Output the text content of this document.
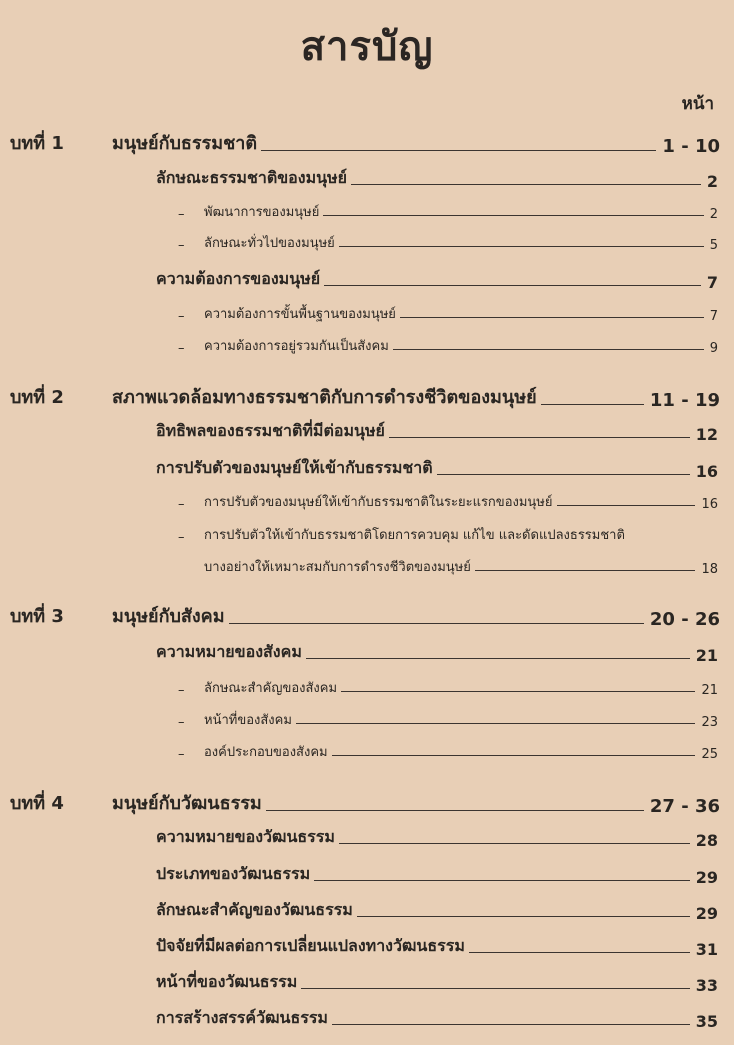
สารบัญ
หน้า
บทที่ 1	มนุษย์กับธรรมชาติ	1 - 10
ลักษณะธรรมชาติของมนุษย์	2
–	พัฒนาการของมนุษย์	2
–	ลักษณะทั่วไปของมนุษย์	5
ความต้องการของมนุษย์	7
–	ความต้องการขั้นพื้นฐานของมนุษย์	7
–	ความต้องการอยู่รวมกันเป็นสังคม	9
บทที่ 2	สภาพแวดล้อมทางธรรมชาติกับการดำรงชีวิตของมนุษย์	11 - 19
อิทธิพลของธรรมชาติที่มีต่อมนุษย์	12
การปรับตัวของมนุษย์ให้เข้ากับธรรมชาติ	16
–	การปรับตัวของมนุษย์ให้เข้ากับธรรมชาติในระยะแรกของมนุษย์	16
–	การปรับตัวให้เข้ากับธรรมชาติโดยการควบคุม แก้ไข และดัดแปลงธรรมชาติ
บางอย่างให้เหมาะสมกับการดำรงชีวิตของมนุษย์	18
บทที่ 3	มนุษย์กับสังคม	20 - 26
ความหมายของสังคม	21
–	ลักษณะสำคัญของสังคม	21
–	หน้าที่ของสังคม	23
–	องค์ประกอบของสังคม	25
บทที่ 4	มนุษย์กับวัฒนธรรม	27 - 36
ความหมายของวัฒนธรรม	28
ประเภทของวัฒนธรรม	29
ลักษณะสำคัญของวัฒนธรรม	29
ปัจจัยที่มีผลต่อการเปลี่ยนแปลงทางวัฒนธรรม	31
หน้าที่ของวัฒนธรรม	33
การสร้างสรรค์วัฒนธรรม	35
